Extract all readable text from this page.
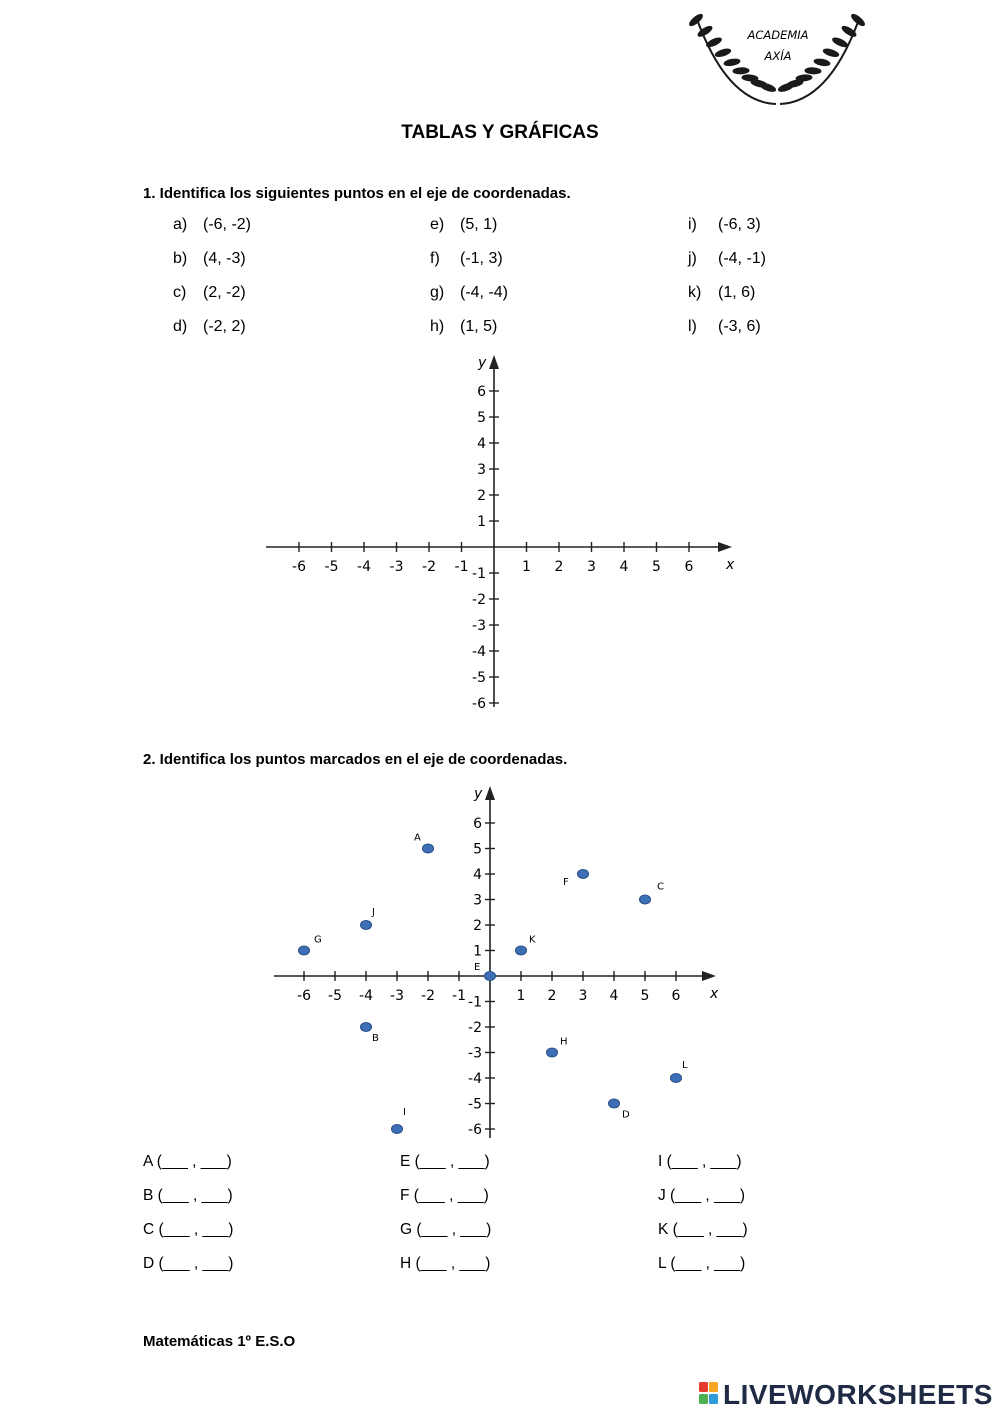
ACADEMIA
AXÍA
TABLAS Y GRÁFICAS
1. Identifica los siguientes puntos en el eje de coordenadas.
a) (-6, -2)
b) (4, -3)
c) (2, -2)
d) (-2, 2)
e) (5, 1)
f) (-1, 3)
g) (-4, -4)
h) (1, 5)
i) (-6, 3)
j) (-4, -1)
k) (1, 6)
l) (-3, 6)
-6 -5 -4 -3 -2 -1	1 2 3 4 5 6
6
5
4
3
2
1
-1
-2
-3
-4
-5
-6
x
y
2. Identifica los puntos marcados en el eje de coordenadas.
-6 -5 -4 -3 -2 -1	1 2 3 4 5 6
6
5
4
3
2
1
-1
-2
-3
-4
-5
-6
x
y
A
B
C
D
E
F
G
H
I
J
K
L
A (___ , ___)
B (___ , ___)
C (___ , ___)
D (___ , ___)
E (___ , ___)
F (___ , ___)
G (___ , ___)
H (___ , ___)
I (___ , ___)
J (___ , ___)
K (___ , ___)
L (___ , ___)
Matemáticas 1º E.S.O
LIVEWORKSHEETS
